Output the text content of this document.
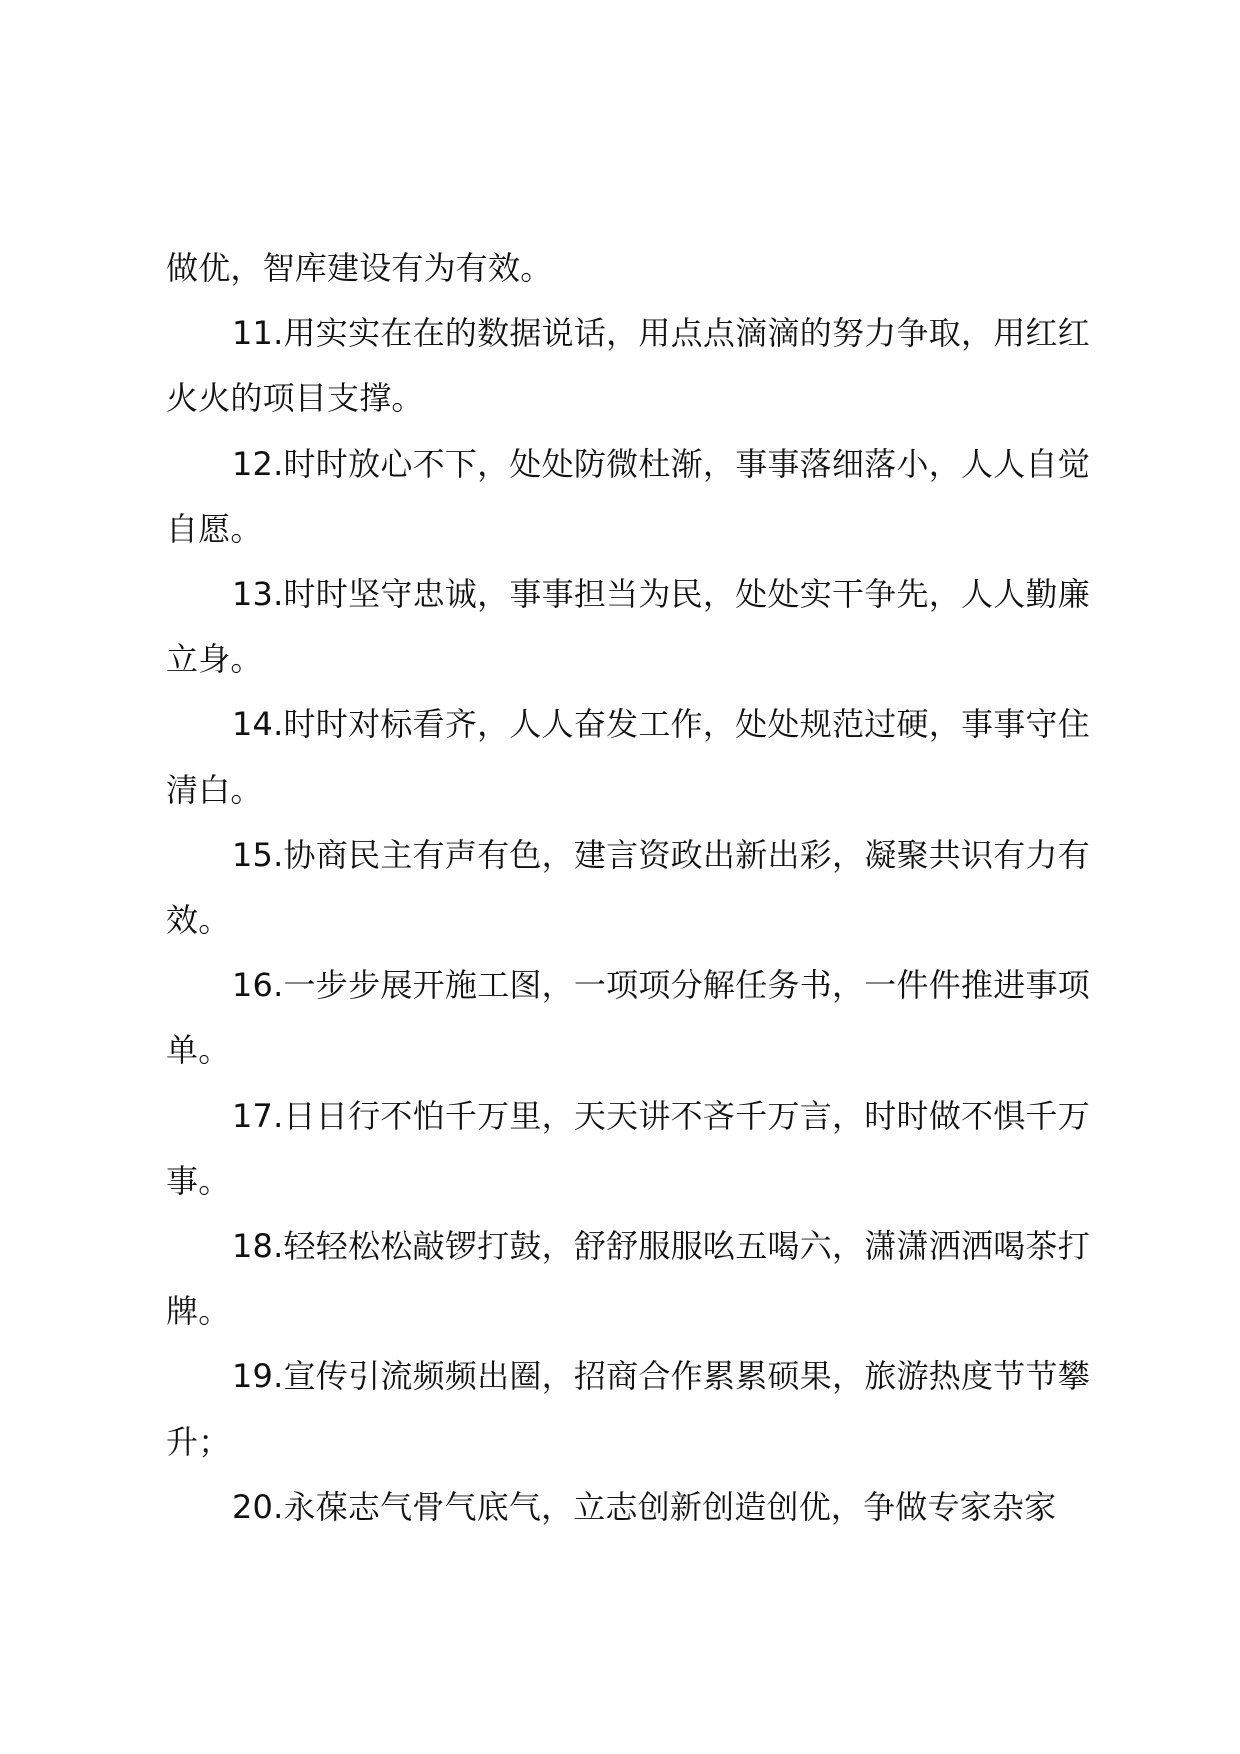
做优，智库建设有为有效。

11.用实实在在的数据说话，用点点滴滴的努力争取，用红红火火的项目支撑。

12.时时放心不下，处处防微杜渐，事事落细落小，人人自觉自愿。

13.时时坚守忠诚，事事担当为民，处处实干争先，人人勤廉立身。

14.时时对标看齐，人人奋发工作，处处规范过硬，事事守住清白。

15.协商民主有声有色，建言资政出新出彩，凝聚共识有力有效。

16.一步步展开施工图，一项项分解任务书，一件件推进事项单。

17.日日行不怕千万里，天天讲不吝千万言，时时做不惧千万事。

18.轻轻松松敲锣打鼓，舒舒服服吆五喝六，潇潇洒洒喝茶打牌。

19.宣传引流频频出圈，招商合作累累硕果，旅游热度节节攀升；

20.永葆志气骨气底气，立志创新创造创优，争做专家杂家
